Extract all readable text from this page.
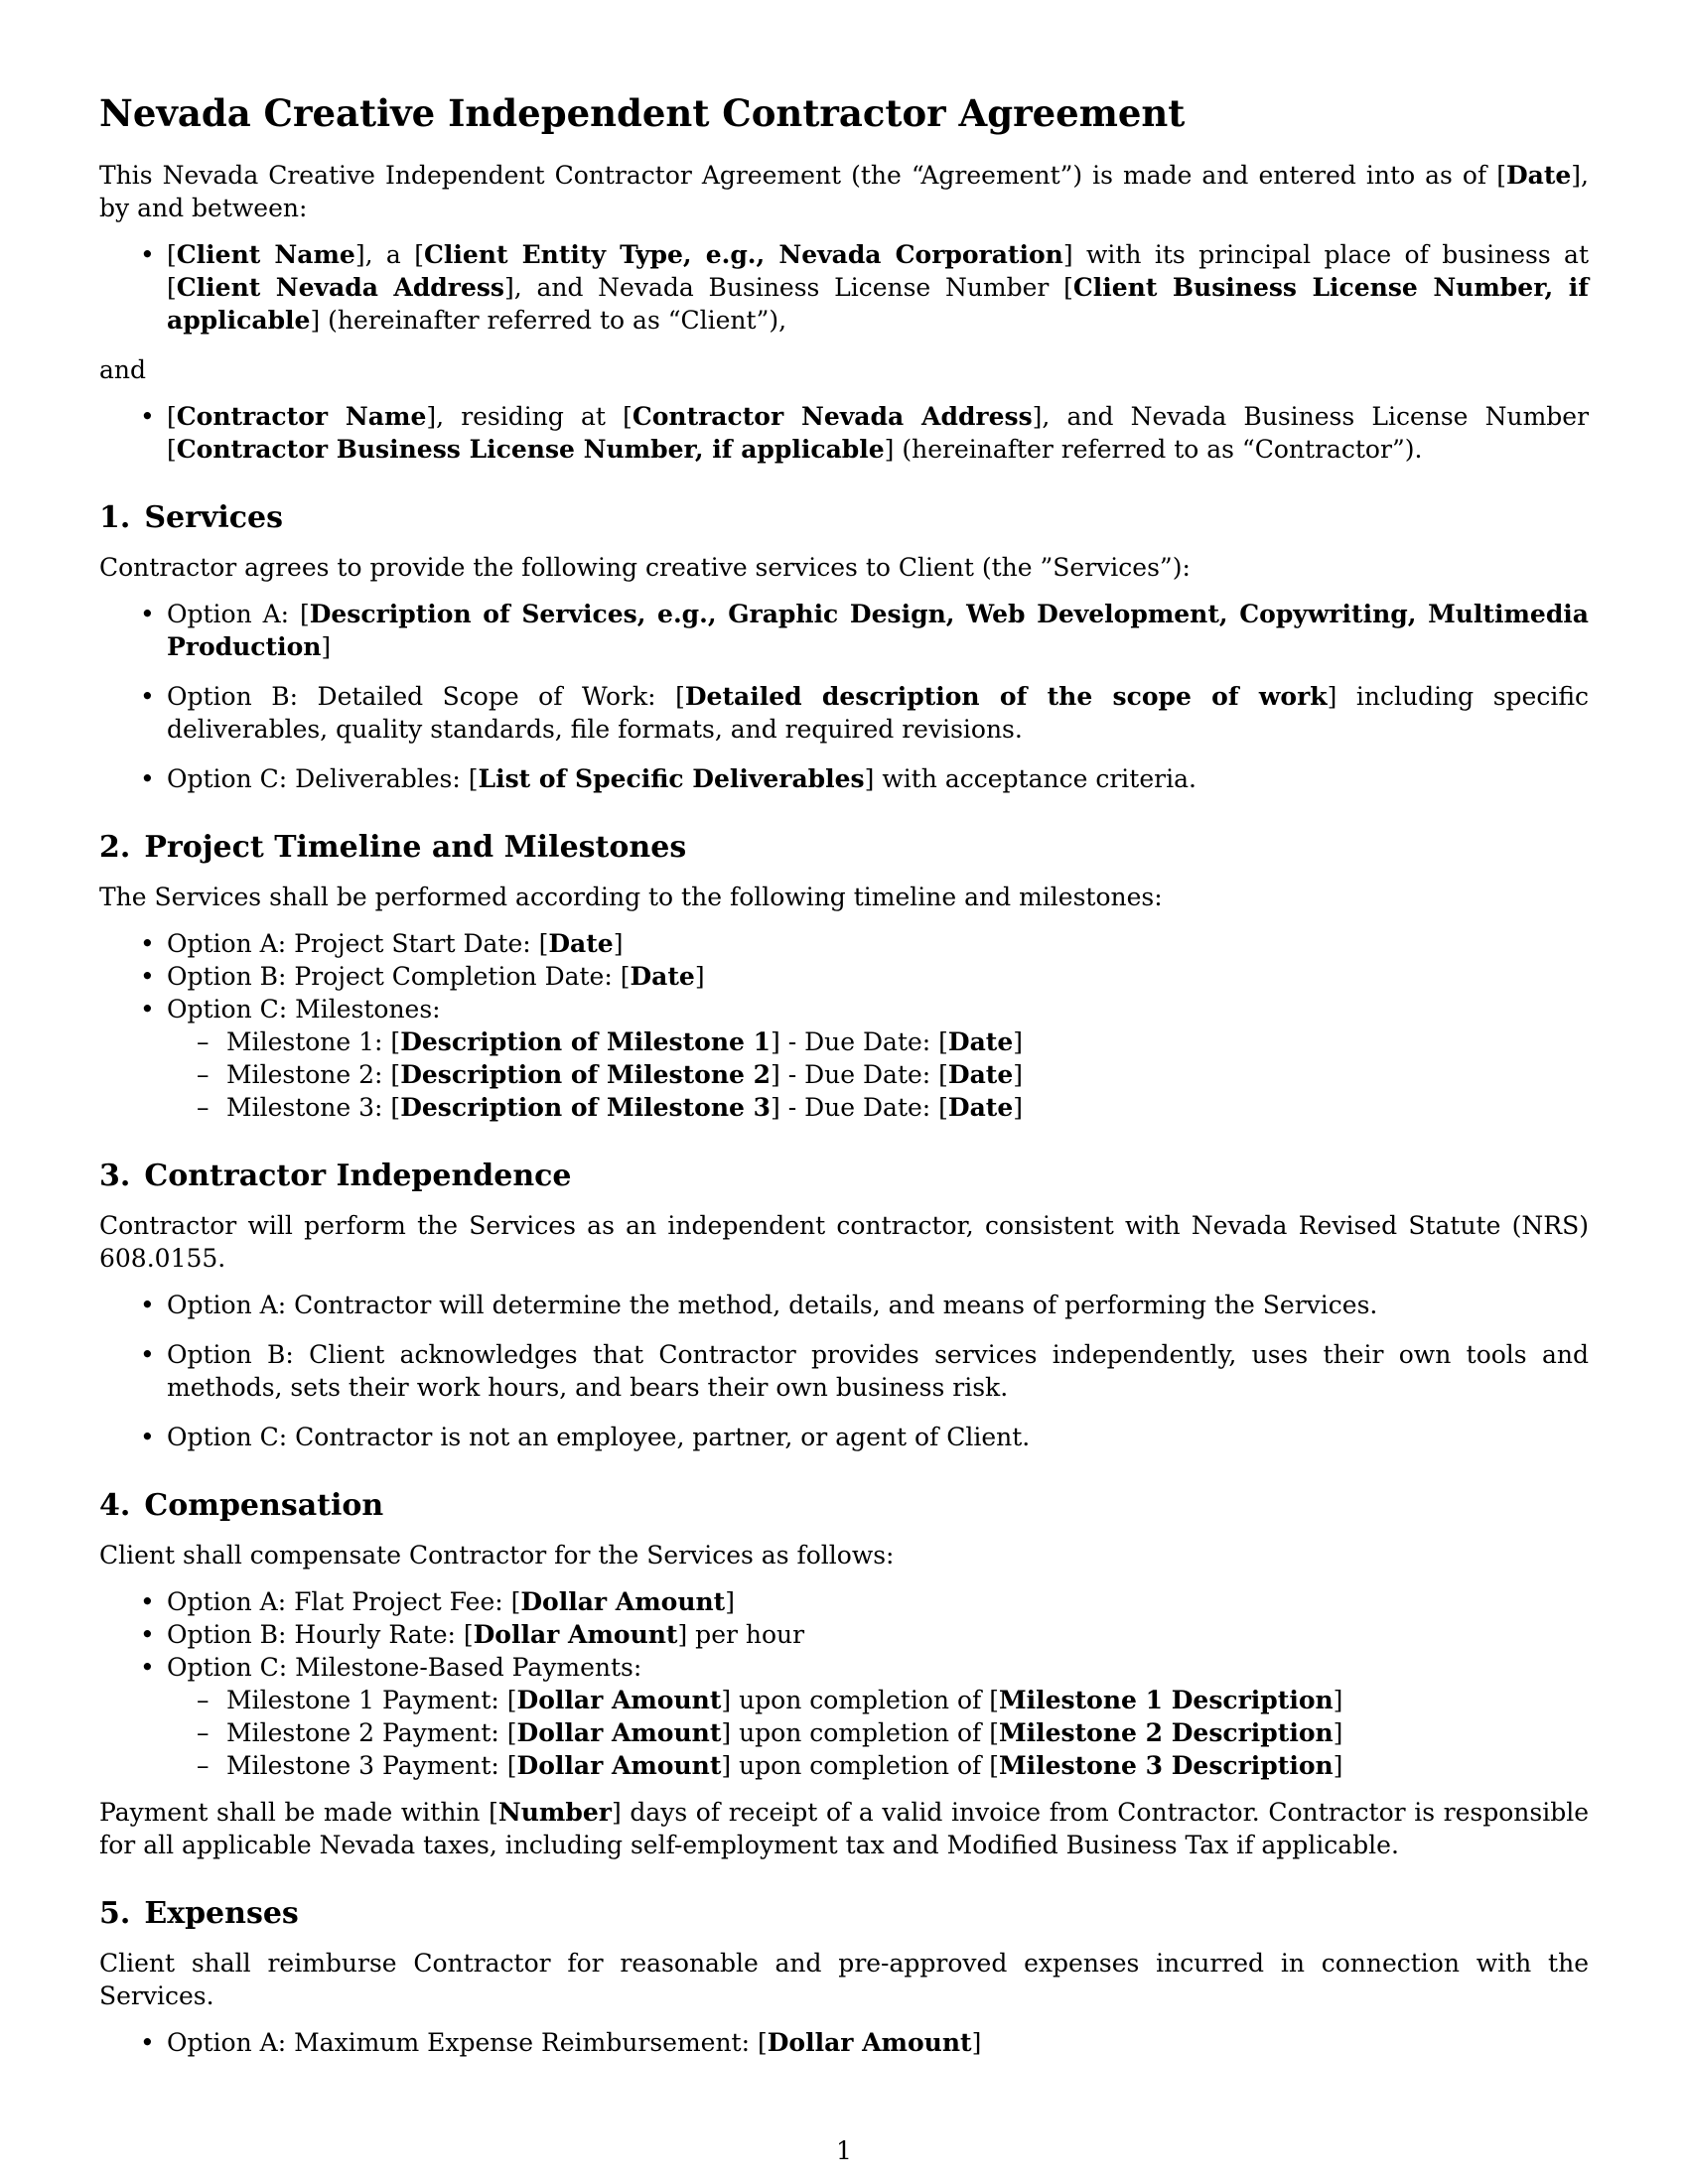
Nevada Creative Independent Contractor Agreement

This Nevada Creative Independent Contractor Agreement (the “Agreement”) is made and entered into as of [Date], by and between:

• [Client Name], a [Client Entity Type, e.g., Nevada Corporation] with its principal place of business at [Client Nevada Address], and Nevada Business License Number [Client Business License Number, if applicable] (hereinafter referred to as “Client”),

and

• [Contractor Name], residing at [Contractor Nevada Address], and Nevada Business License Number [Contractor Business License Number, if applicable] (hereinafter referred to as “Contractor”).
1. Services

Contractor agrees to provide the following creative services to Client (the ”Services”):

• Option A: [Description of Services, e.g., Graphic Design, Web Development, Copywriting, Multimedia Production]
• Option B: Detailed Scope of Work: [Detailed description of the scope of work] including specific deliverables, quality standards, file formats, and required revisions.
• Option C: Deliverables: [List of Specific Deliverables] with acceptance criteria.
2. Project Timeline and Milestones

The Services shall be performed according to the following timeline and milestones:

• Option A: Project Start Date: [Date]
• Option B: Project Completion Date: [Date]
• Option C: Milestones:
– Milestone 1: [Description of Milestone 1] - Due Date: [Date]
– Milestone 2: [Description of Milestone 2] - Due Date: [Date]
– Milestone 3: [Description of Milestone 3] - Due Date: [Date]
3. Contractor Independence

Contractor will perform the Services as an independent contractor, consistent with Nevada Revised Statute (NRS) 608.0155.

• Option A: Contractor will determine the method, details, and means of performing the Services.
• Option B: Client acknowledges that Contractor provides services independently, uses their own tools and methods, sets their work hours, and bears their own business risk.
• Option C: Contractor is not an employee, partner, or agent of Client.
4. Compensation

Client shall compensate Contractor for the Services as follows:

• Option A: Flat Project Fee: [Dollar Amount]
• Option B: Hourly Rate: [Dollar Amount] per hour
• Option C: Milestone-Based Payments:
– Milestone 1 Payment: [Dollar Amount] upon completion of [Milestone 1 Description]
– Milestone 2 Payment: [Dollar Amount] upon completion of [Milestone 2 Description]
– Milestone 3 Payment: [Dollar Amount] upon completion of [Milestone 3 Description]

Payment shall be made within [Number] days of receipt of a valid invoice from Contractor. Contractor is responsible for all applicable Nevada taxes, including self-employment tax and Modified Business Tax if applicable.

5. Expenses

Client shall reimburse Contractor for reasonable and pre-approved expenses incurred in connection with the Services.

• Option A: Maximum Expense Reimbursement: [Dollar Amount]
1
